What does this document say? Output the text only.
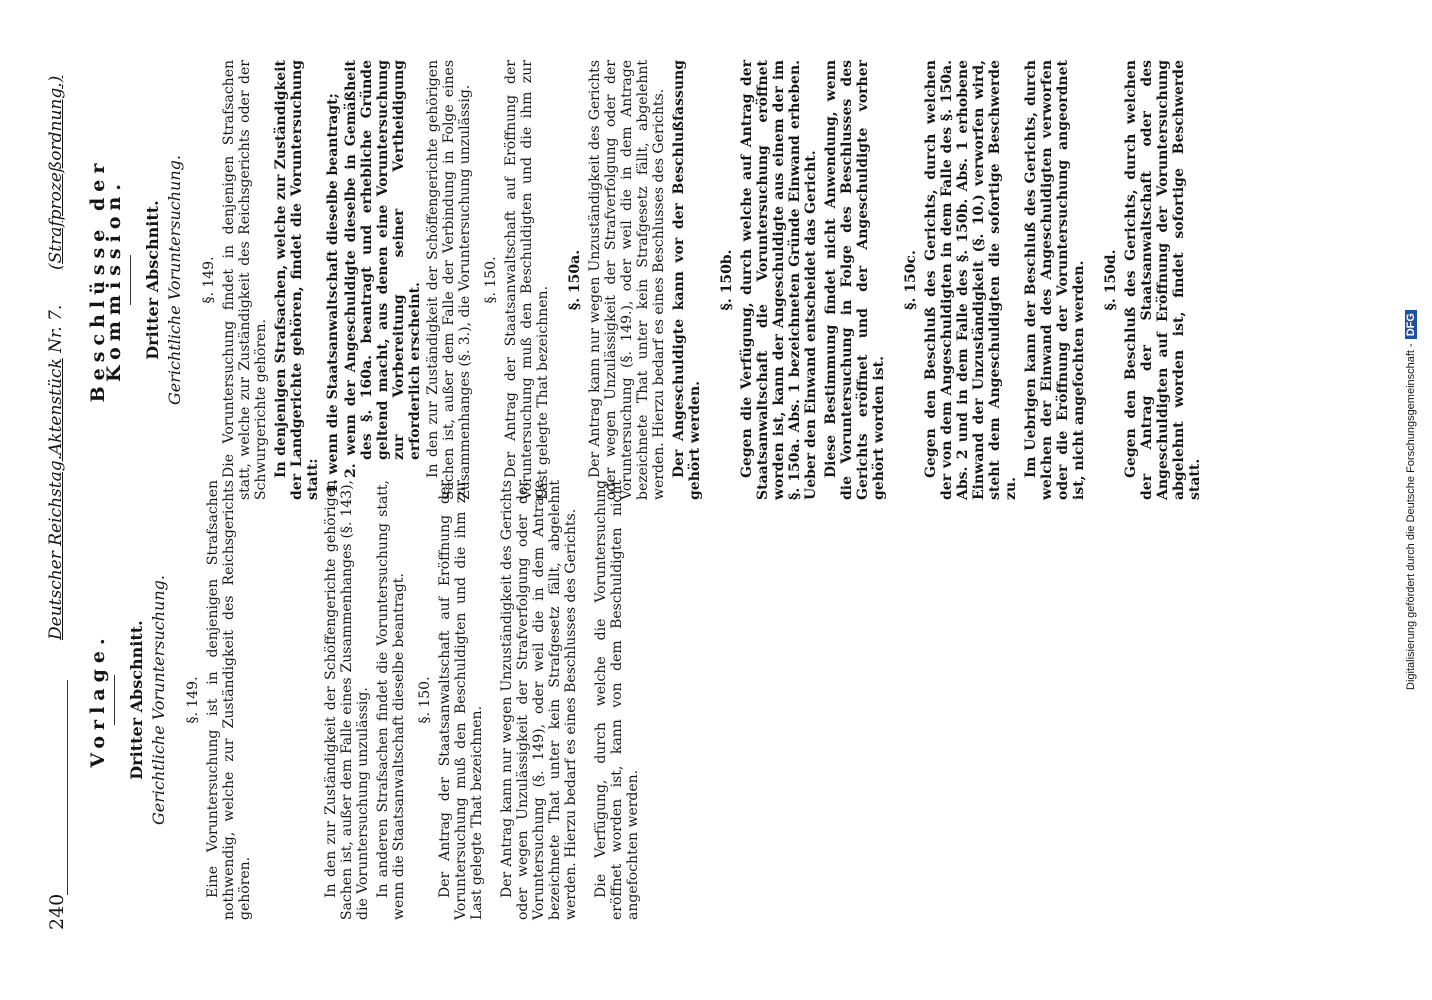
240
Deutscher Reichstag.
Aktenstück Nr. 7.
(Strafprozeßordnung.)
Vorlage. Dritter Abschnitt. Gerichtliche Voruntersuchung. §. 149. Eine Voruntersuchung ist in denjenigen Strafsachen nothwendig, welche zur Zuständigkeit des Reichsgerichts gehören.	In den zur Zuständigkeit der Schöffengerichte gehörigen Sachen ist, außer dem Falle eines Zusammenhanges (§. 143), die Voruntersuchung unzulässig. In anderen Strafsachen findet die Voruntersuchung statt, wenn die Staatsanwaltschaft dieselbe beantragt. §. 150. Der Antrag der Staatsanwaltschaft auf Eröffnung der Voruntersuchung muß den Beschuldigten und die ihm zur Last gelegte That bezeichnen. Der Antrag kann nur wegen Unzuständigkeit des Gerichts oder wegen Unzulässigkeit der Strafverfolgung oder der Voruntersuchung (§. 149), oder weil die in dem Antrage bezeichnete That unter kein Strafgesetz fällt, abgelehnt werden. Hierzu bedarf es eines Beschlusses des Gerichts. Die Verfügung, durch welche die Voruntersuchung eröffnet worden ist, kann von dem Beschuldigten nicht angefochten werden.

Beschlüsse der Kommission. Dritter Abschnitt. Gerichtliche Voruntersuchung. §. 149. Die Voruntersuchung findet in denjenigen Strafsachen statt, welche zur Zuständigkeit des Reichsgerichts oder der Schwurgerichte gehören. In denjenigen Strafsachen, welche zur Zuständigkeit der Landgerichte gehören, findet die Voruntersuchung statt: 1. wenn die Staatsanwaltschaft dieselbe beantragt; 2. wenn der Angeschuldigte dieselbe in Gemäßheit des §. 160a. beantragt und erhebliche Gründe geltend macht, aus denen eine Voruntersuchung zur Vorbereitung seiner Vertheidigung erforderlich erscheint. In den zur Zuständigkeit der Schöffengerichte gehörigen Sachen ist, außer dem Falle der Verbindung in Folge eines Zusammenhanges (§. 3.), die Voruntersuchung unzulässig. §. 150. Der Antrag der Staatsanwaltschaft auf Eröffnung der Voruntersuchung muß den Beschuldigten und die ihm zur Last gelegte That bezeichnen.

§. 150a. Der Antrag kann nur wegen Unzuständigkeit des Gerichts oder wegen Unzulässigkeit der Strafverfolgung oder der Voruntersuchung (§. 149.), oder weil die in dem Antrage bezeichnete That unter kein Strafgesetz fällt, abgelehnt werden. Hierzu bedarf es eines Beschlusses des Gerichts. Der Angeschuldigte kann vor der Beschlußfassung gehört werden.

§. 150b. Gegen die Verfügung, durch welche auf Antrag der Staatsanwaltschaft die Voruntersuchung eröffnet worden ist, kann der Angeschuldigte aus einem der im §. 150a. Abs. 1 bezeichneten Gründe Einwand erheben. Ueber den Einwand entscheidet das Gericht. Diese Bestimmung findet nicht Anwendung, wenn die Voruntersuchung in Folge des Beschlusses des Gerichts eröffnet und der Angeschuldigte vorher gehört worden ist.

§. 150c. Gegen den Beschluß des Gerichts, durch welchen der von dem Angeschuldigten in dem Falle des §. 150a. Abs. 2 und in dem Falle des §. 150b. Abs. 1 erhobene Einwand der Unzuständigkeit (§. 10.) verworfen wird, steht dem Angeschuldigten die sofortige Beschwerde zu.

Im Uebrigen kann der Beschluß des Gerichts, durch welchen der Einwand des Angeschuldigten verworfen oder die Eröffnung der Voruntersuchung angeordnet ist, nicht angefochten werden. §. 150d. Gegen den Beschluß des Gerichts, durch welchen der Antrag der Staatsanwaltschaft oder des Angeschuldigten auf Eröffnung der Voruntersuchung abgelehnt worden ist, findet sofortige Beschwerde statt.	Digitalisierung gefördert durch die Deutsche Forschungsgemeinschaft -DFG
